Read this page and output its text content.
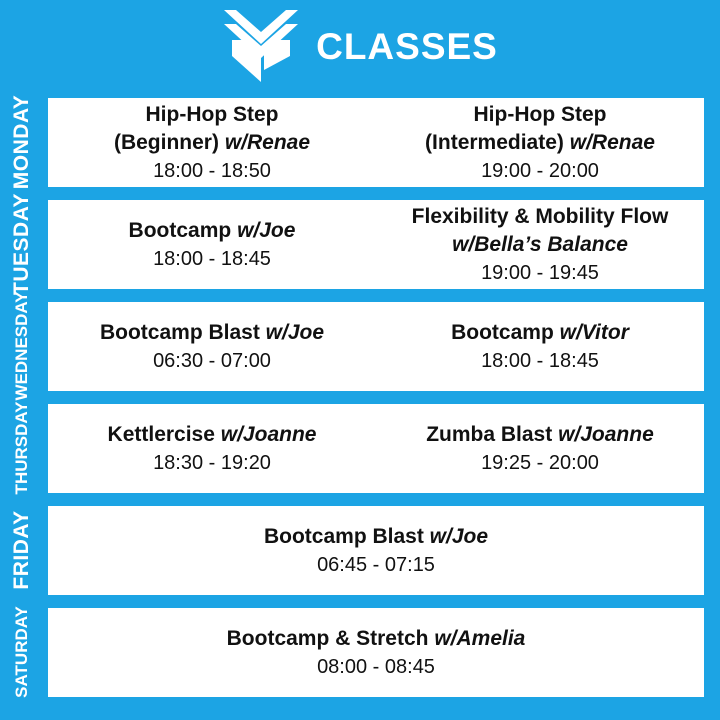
CLASSES
MONDAY	Hip-Hop Step
(Beginner) w/Renae
18:00 - 18:50
Hip-Hop Step
(Intermediate) w/Renae
19:00 - 20:00
TUESDAY	Bootcamp w/Joe
18:00 - 18:45
Flexibility & Mobility Flow
w/Bella’s Balance
19:00 - 19:45
WEDNESDAY	Bootcamp Blast w/Joe
06:30 - 07:00
Bootcamp w/Vitor
18:00 - 18:45
THURSDAY	Kettlercise w/Joanne
18:30 - 19:20
Zumba Blast w/Joanne
19:25 - 20:00
FRIDAY	Bootcamp Blast w/Joe
06:45 - 07:15
SATURDAY	Bootcamp & Stretch w/Amelia
08:00 - 08:45
